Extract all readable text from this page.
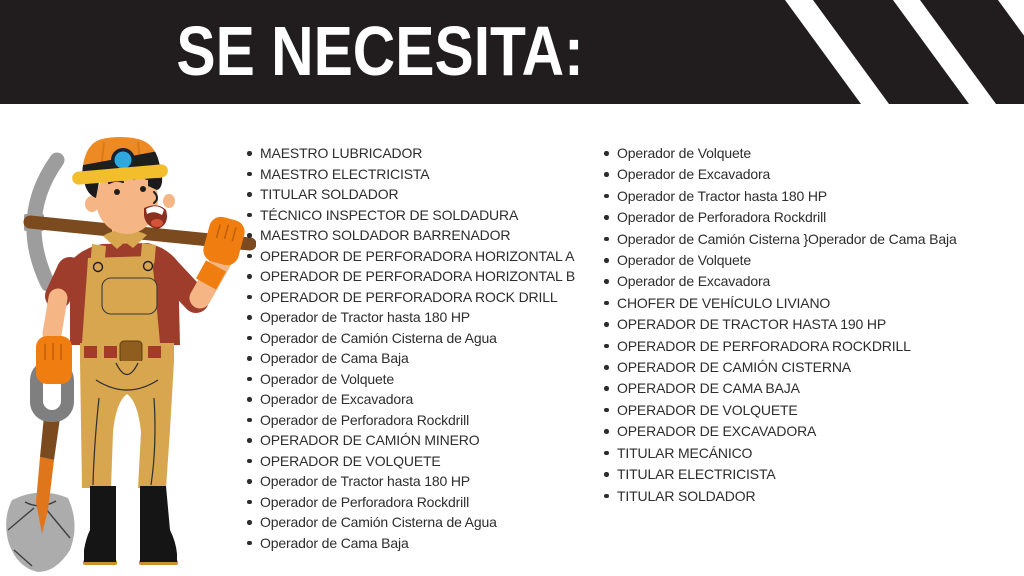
SE NECESITA:
MAESTRO LUBRICADOR
MAESTRO ELECTRICISTA
TITULAR SOLDADOR
TÉCNICO INSPECTOR DE SOLDADURA
MAESTRO SOLDADOR BARRENADOR
OPERADOR DE PERFORADORA HORIZONTAL A
OPERADOR DE PERFORADORA HORIZONTAL B
OPERADOR DE PERFORADORA ROCK DRILL
Operador de Tractor hasta 180 HP
Operador de Camión Cisterna de Agua
Operador de Cama Baja
Operador de Volquete
Operador de Excavadora
Operador de Perforadora Rockdrill
OPERADOR DE CAMIÓN MINERO
OPERADOR DE VOLQUETE
Operador de Tractor hasta 180 HP
Operador de Perforadora Rockdrill
Operador de Camión Cisterna de Agua
Operador de Cama Baja
Operador de Volquete
Operador de Excavadora
Operador de Tractor hasta 180 HP
Operador de Perforadora Rockdrill
Operador de Camión Cisterna }Operador de Cama Baja
Operador de Volquete
Operador de Excavadora
CHOFER DE VEHÍCULO LIVIANO
OPERADOR DE TRACTOR HASTA 190 HP
OPERADOR DE PERFORADORA ROCKDRILL
OPERADOR DE CAMIÓN CISTERNA
OPERADOR DE CAMA BAJA
OPERADOR DE VOLQUETE
OPERADOR DE EXCAVADORA
TITULAR MECÁNICO
TITULAR ELECTRICISTA
TITULAR SOLDADOR
